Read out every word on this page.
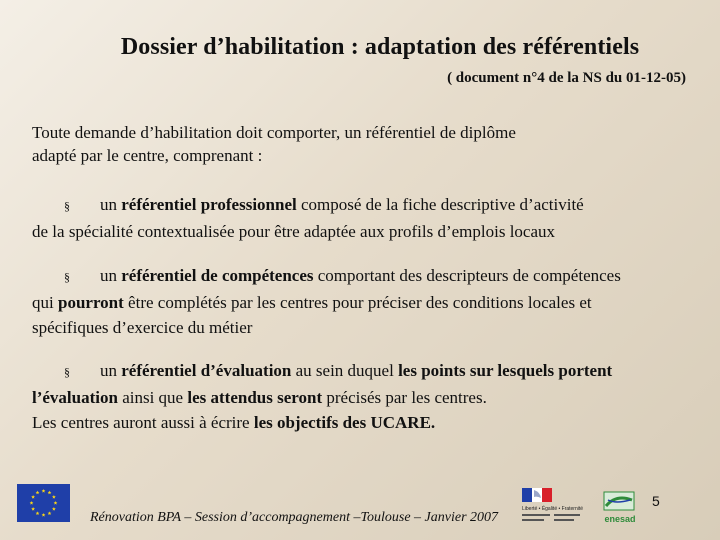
Dossier d’habilitation : adaptation des référentiels
( document n°4 de la NS du 01-12-05)
Toute demande d’habilitation doit comporter, un référentiel de diplôme
adapté par le centre, comprenant :
§ un référentiel professionnel composé de la fiche descriptive d’activité
de la spécialité contextualisée pour être adaptée aux profils d’emplois locaux
§ un référentiel de compétences comportant des descripteurs de compétences
qui pourront être complétés par les centres pour préciser des conditions locales et
spécifiques d’exercice du métier
§ un référentiel d’évaluation au sein duquel les points sur lesquels portent
l’évaluation ainsi que les attendus seront précisés par les centres.
Les centres auront aussi à écrire les objectifs des UCARE.
Rénovation BPA – Session d’accompagnement –Toulouse – Janvier 2007
Liberté • Égalité • Fraternité
enesad
5
